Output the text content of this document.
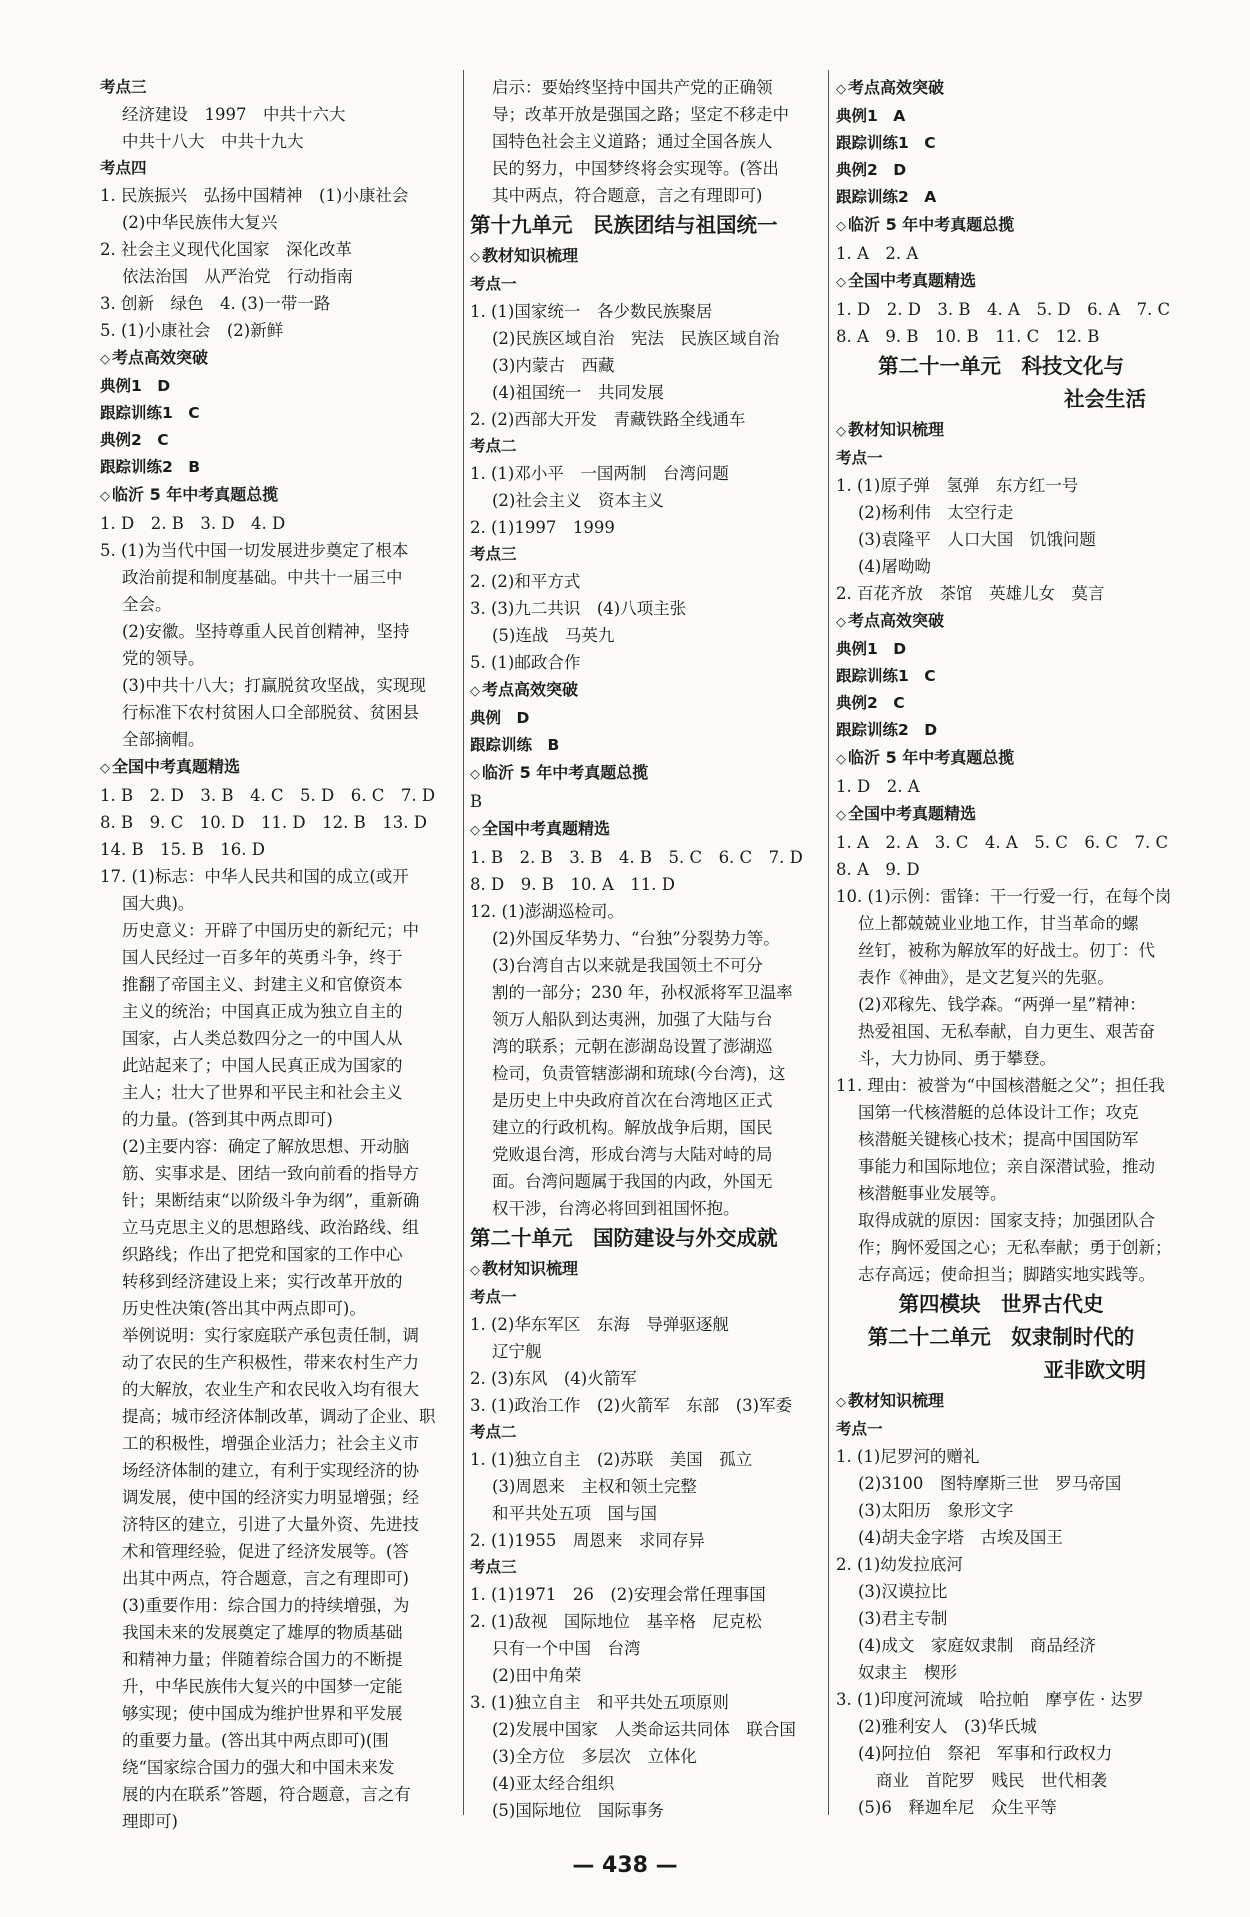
考点三
经济建设　1997　中共十六大
中共十八大　中共十九大
考点四
1. 民族振兴　弘扬中国精神　(1)小康社会
(2)中华民族伟大复兴
2. 社会主义现代化国家　深化改革
依法治国　从严治党　行动指南
3. 创新　绿色　4. (3)一带一路
5. (1)小康社会　(2)新鲜
◇ 考点高效突破
典例1　D
跟踪训练1　C
典例2　C
跟踪训练2　B
◇ 临沂 5 年中考真题总揽
1. D　2. B　3. D　4. D
5. (1)为当代中国一切发展进步奠定了根本
政治前提和制度基础。中共十一届三中
全会。
(2)安徽。坚持尊重人民首创精神，坚持
党的领导。
(3)中共十八大；打赢脱贫攻坚战，实现现
行标准下农村贫困人口全部脱贫、贫困县
全部摘帽。
◇ 全国中考真题精选
1. B　2. D　3. B　4. C　5. D　6. C　7. D
8. B　9. C　10. D　11. D　12. B　13. D
14. B　15. B　16. D
17. (1)标志：中华人民共和国的成立(或开
国大典)。
历史意义：开辟了中国历史的新纪元；中
国人民经过一百多年的英勇斗争，终于
推翻了帝国主义、封建主义和官僚资本
主义的统治；中国真正成为独立自主的
国家，占人类总数四分之一的中国人从
此站起来了；中国人民真正成为国家的
主人；壮大了世界和平民主和社会主义
的力量。(答到其中两点即可)
(2)主要内容：确定了解放思想、开动脑
筋、实事求是、团结一致向前看的指导方
针；果断结束“以阶级斗争为纲”，重新确
立马克思主义的思想路线、政治路线、组
织路线；作出了把党和国家的工作中心
转移到经济建设上来；实行改革开放的
历史性决策(答出其中两点即可)。
举例说明：实行家庭联产承包责任制，调
动了农民的生产积极性，带来农村生产力
的大解放，农业生产和农民收入均有很大
提高；城市经济体制改革，调动了企业、职
工的积极性，增强企业活力；社会主义市
场经济体制的建立，有利于实现经济的协
调发展，使中国的经济实力明显增强；经
济特区的建立，引进了大量外资、先进技
术和管理经验，促进了经济发展等。(答
出其中两点，符合题意，言之有理即可)
(3)重要作用：综合国力的持续增强，为
我国未来的发展奠定了雄厚的物质基础
和精神力量；伴随着综合国力的不断提
升，中华民族伟大复兴的中国梦一定能
够实现；使中国成为维护世界和平发展
的重要力量。(答出其中两点即可)(围
绕“国家综合国力的强大和中国未来发
展的内在联系”答题，符合题意，言之有
理即可)
启示：要始终坚持中国共产党的正确领
导；改革开放是强国之路；坚定不移走中
国特色社会主义道路；通过全国各族人
民的努力，中国梦终将会实现等。(答出
其中两点，符合题意，言之有理即可)
第十九单元　民族团结与祖国统一
◇ 教材知识梳理
考点一
1. (1)国家统一　各少数民族聚居
(2)民族区域自治　宪法　民族区域自治
(3)内蒙古　西藏
(4)祖国统一　共同发展
2. (2)西部大开发　青藏铁路全线通车
考点二
1. (1)邓小平　一国两制　台湾问题
(2)社会主义　资本主义
2. (1)1997　1999
考点三
2. (2)和平方式
3. (3)九二共识　(4)八项主张
(5)连战　马英九
5. (1)邮政合作
◇ 考点高效突破
典例　D
跟踪训练　B
◇ 临沂 5 年中考真题总揽
B
◇ 全国中考真题精选
1. B　2. B　3. B　4. B　5. C　6. C　7. D
8. D　9. B　10. A　11. D
12. (1)澎湖巡检司。
(2)外国反华势力、“台独”分裂势力等。
(3)台湾自古以来就是我国领土不可分
割的一部分；230 年，孙权派将军卫温率
领万人船队到达夷洲，加强了大陆与台
湾的联系；元朝在澎湖岛设置了澎湖巡
检司，负责管辖澎湖和琉球(今台湾)，这
是历史上中央政府首次在台湾地区正式
建立的行政机构。解放战争后期，国民
党败退台湾，形成台湾与大陆对峙的局
面。台湾问题属于我国的内政，外国无
权干涉，台湾必将回到祖国怀抱。
第二十单元　国防建设与外交成就
◇ 教材知识梳理
考点一
1. (2)华东军区　东海　导弹驱逐舰
辽宁舰
2. (3)东风　(4)火箭军
3. (1)政治工作　(2)火箭军　东部　(3)军委
考点二
1. (1)独立自主　(2)苏联　美国　孤立
(3)周恩来　主权和领土完整
和平共处五项　国与国
2. (1)1955　周恩来　求同存异
考点三
1. (1)1971　26　(2)安理会常任理事国
2. (1)敌视　国际地位　基辛格　尼克松
只有一个中国　台湾
(2)田中角荣
3. (1)独立自主　和平共处五项原则
(2)发展中国家　人类命运共同体　联合国
(3)全方位　多层次　立体化
(4)亚太经合组织
(5)国际地位　国际事务
◇ 考点高效突破
典例1　A
跟踪训练1　C
典例2　D
跟踪训练2　A
◇ 临沂 5 年中考真题总揽
1. A　2. A
◇ 全国中考真题精选
1. D　2. D　3. B　4. A　5. D　6. A　7. C
8. A　9. B　10. B　11. C　12. B
第二十一单元　科技文化与
社会生活
◇ 教材知识梳理
考点一
1. (1)原子弹　氢弹　东方红一号
(2)杨利伟　太空行走
(3)袁隆平　人口大国　饥饿问题
(4)屠呦呦
2. 百花齐放　茶馆　英雄儿女　莫言
◇ 考点高效突破
典例1　D
跟踪训练1　C
典例2　C
跟踪训练2　D
◇ 临沂 5 年中考真题总揽
1. D　2. A
◇ 全国中考真题精选
1. A　2. A　3. C　4. A　5. C　6. C　7. C
8. A　9. D
10. (1)示例：雷锋：干一行爱一行，在每个岗
位上都兢兢业业地工作，甘当革命的螺
丝钉，被称为解放军的好战士。仞丁：代
表作《神曲》，是文艺复兴的先驱。
(2)邓稼先、钱学森。“两弹一星”精神：
热爱祖国、无私奉献，自力更生、艰苦奋
斗，大力协同、勇于攀登。
11. 理由：被誉为“中国核潜艇之父”；担任我
国第一代核潜艇的总体设计工作；攻克
核潜艇关键核心技术；提高中国国防军
事能力和国际地位；亲自深潜试验，推动
核潜艇事业发展等。
取得成就的原因：国家支持；加强团队合
作；胸怀爱国之心；无私奉献；勇于创新；
志存高远；使命担当；脚踏实地实践等。
第四模块　世界古代史
第二十二单元　奴隶制时代的
亚非欧文明
◇ 教材知识梳理
考点一
1. (1)尼罗河的赠礼
(2)3100　图特摩斯三世　罗马帝国
(3)太阳历　象形文字
(4)胡夫金字塔　古埃及国王
2. (1)幼发拉底河
(3)汉谟拉比
(3)君主专制
(4)成文　家庭奴隶制　商品经济
奴隶主　楔形
3. (1)印度河流域　哈拉帕　摩亨佐 · 达罗
(2)雅利安人　(3)华氏城
(4)阿拉伯　祭祀　军事和行政权力
商业　首陀罗　贱民　世代相袭
(5)6　释迦牟尼　众生平等
— 438 —
